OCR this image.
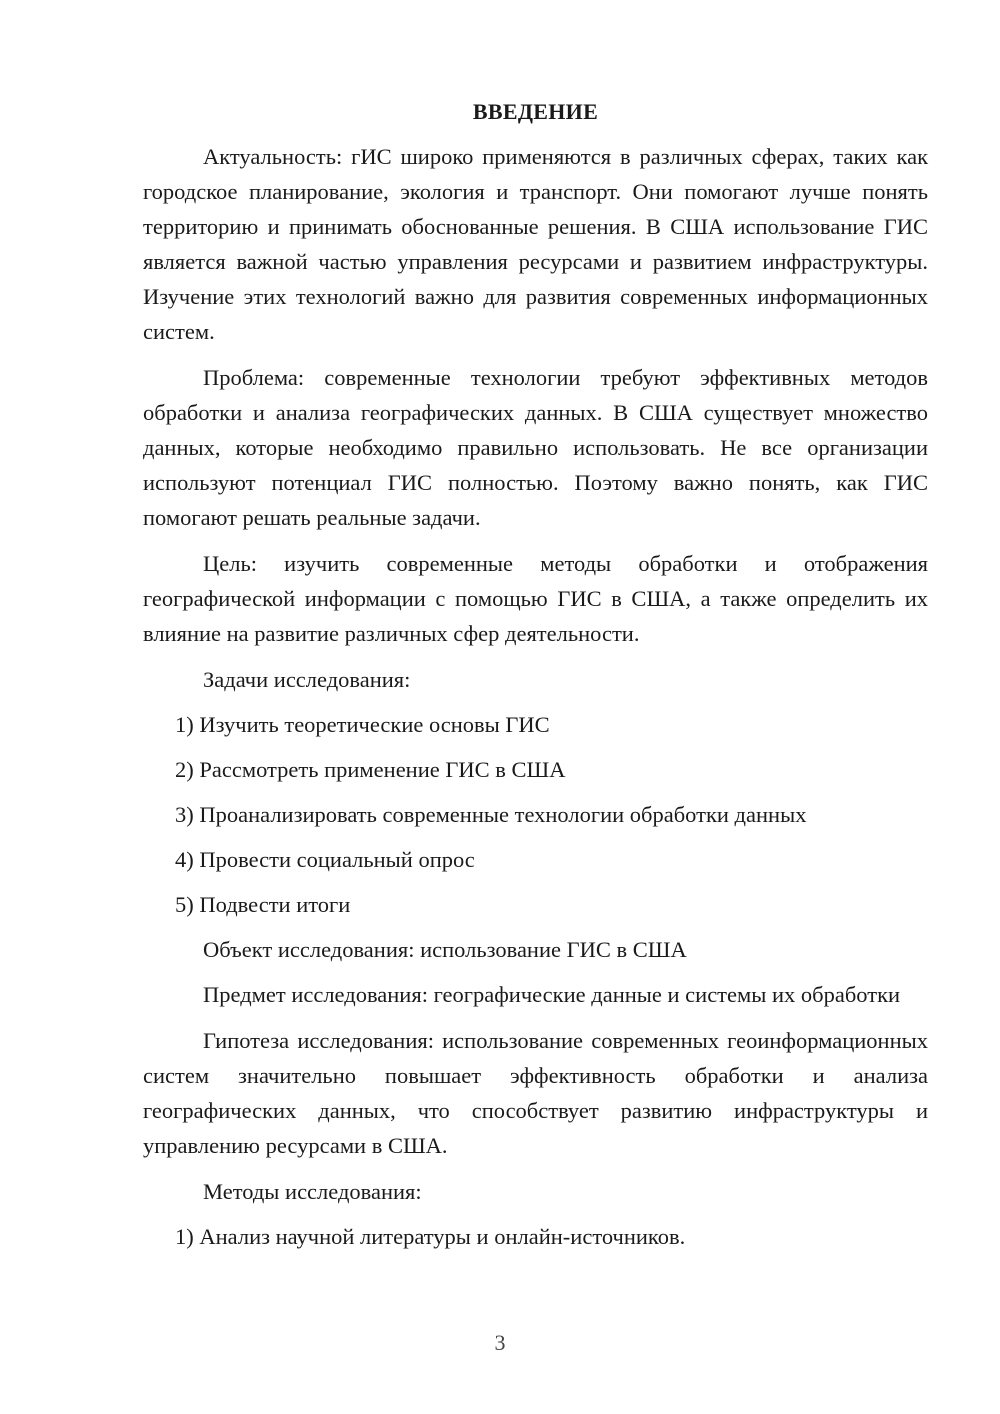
ВВЕДЕНИЕ

Актуальность: гИС широко применяются в различных сферах, таких как городское планирование, экология и транспорт. Они помогают лучше понять территорию и принимать обоснованные решения. В США использование ГИС является важной частью управления ресурсами и развитием инфраструктуры. Изучение этих технологий важно для развития современных информационных систем.

Проблема: современные технологии требуют эффективных методов обработки и анализа географических данных. В США существует множество данных, которые необходимо правильно использовать. Не все организации используют потенциал ГИС полностью. Поэтому важно понять, как ГИС помогают решать реальные задачи.

Цель: изучить современные методы обработки и отображения географической информации с помощью ГИС в США, а также определить их влияние на развитие различных сфер деятельности.

Задачи исследования:
1) Изучить теоретические основы ГИС
2) Рассмотреть применение ГИС в США
3) Проанализировать современные технологии обработки данных
4) Провести социальный опрос
5) Подвести итоги
Объект исследования: использование ГИС в США

Предмет исследования: географические данные и системы их обработки

Гипотеза исследования: использование современных геоинформационных систем значительно повышает эффективность обработки и анализа географических данных, что способствует развитию инфраструктуры и управлению ресурсами в США.

Методы исследования:
1) Анализ научной литературы и онлайн-источников.
3
